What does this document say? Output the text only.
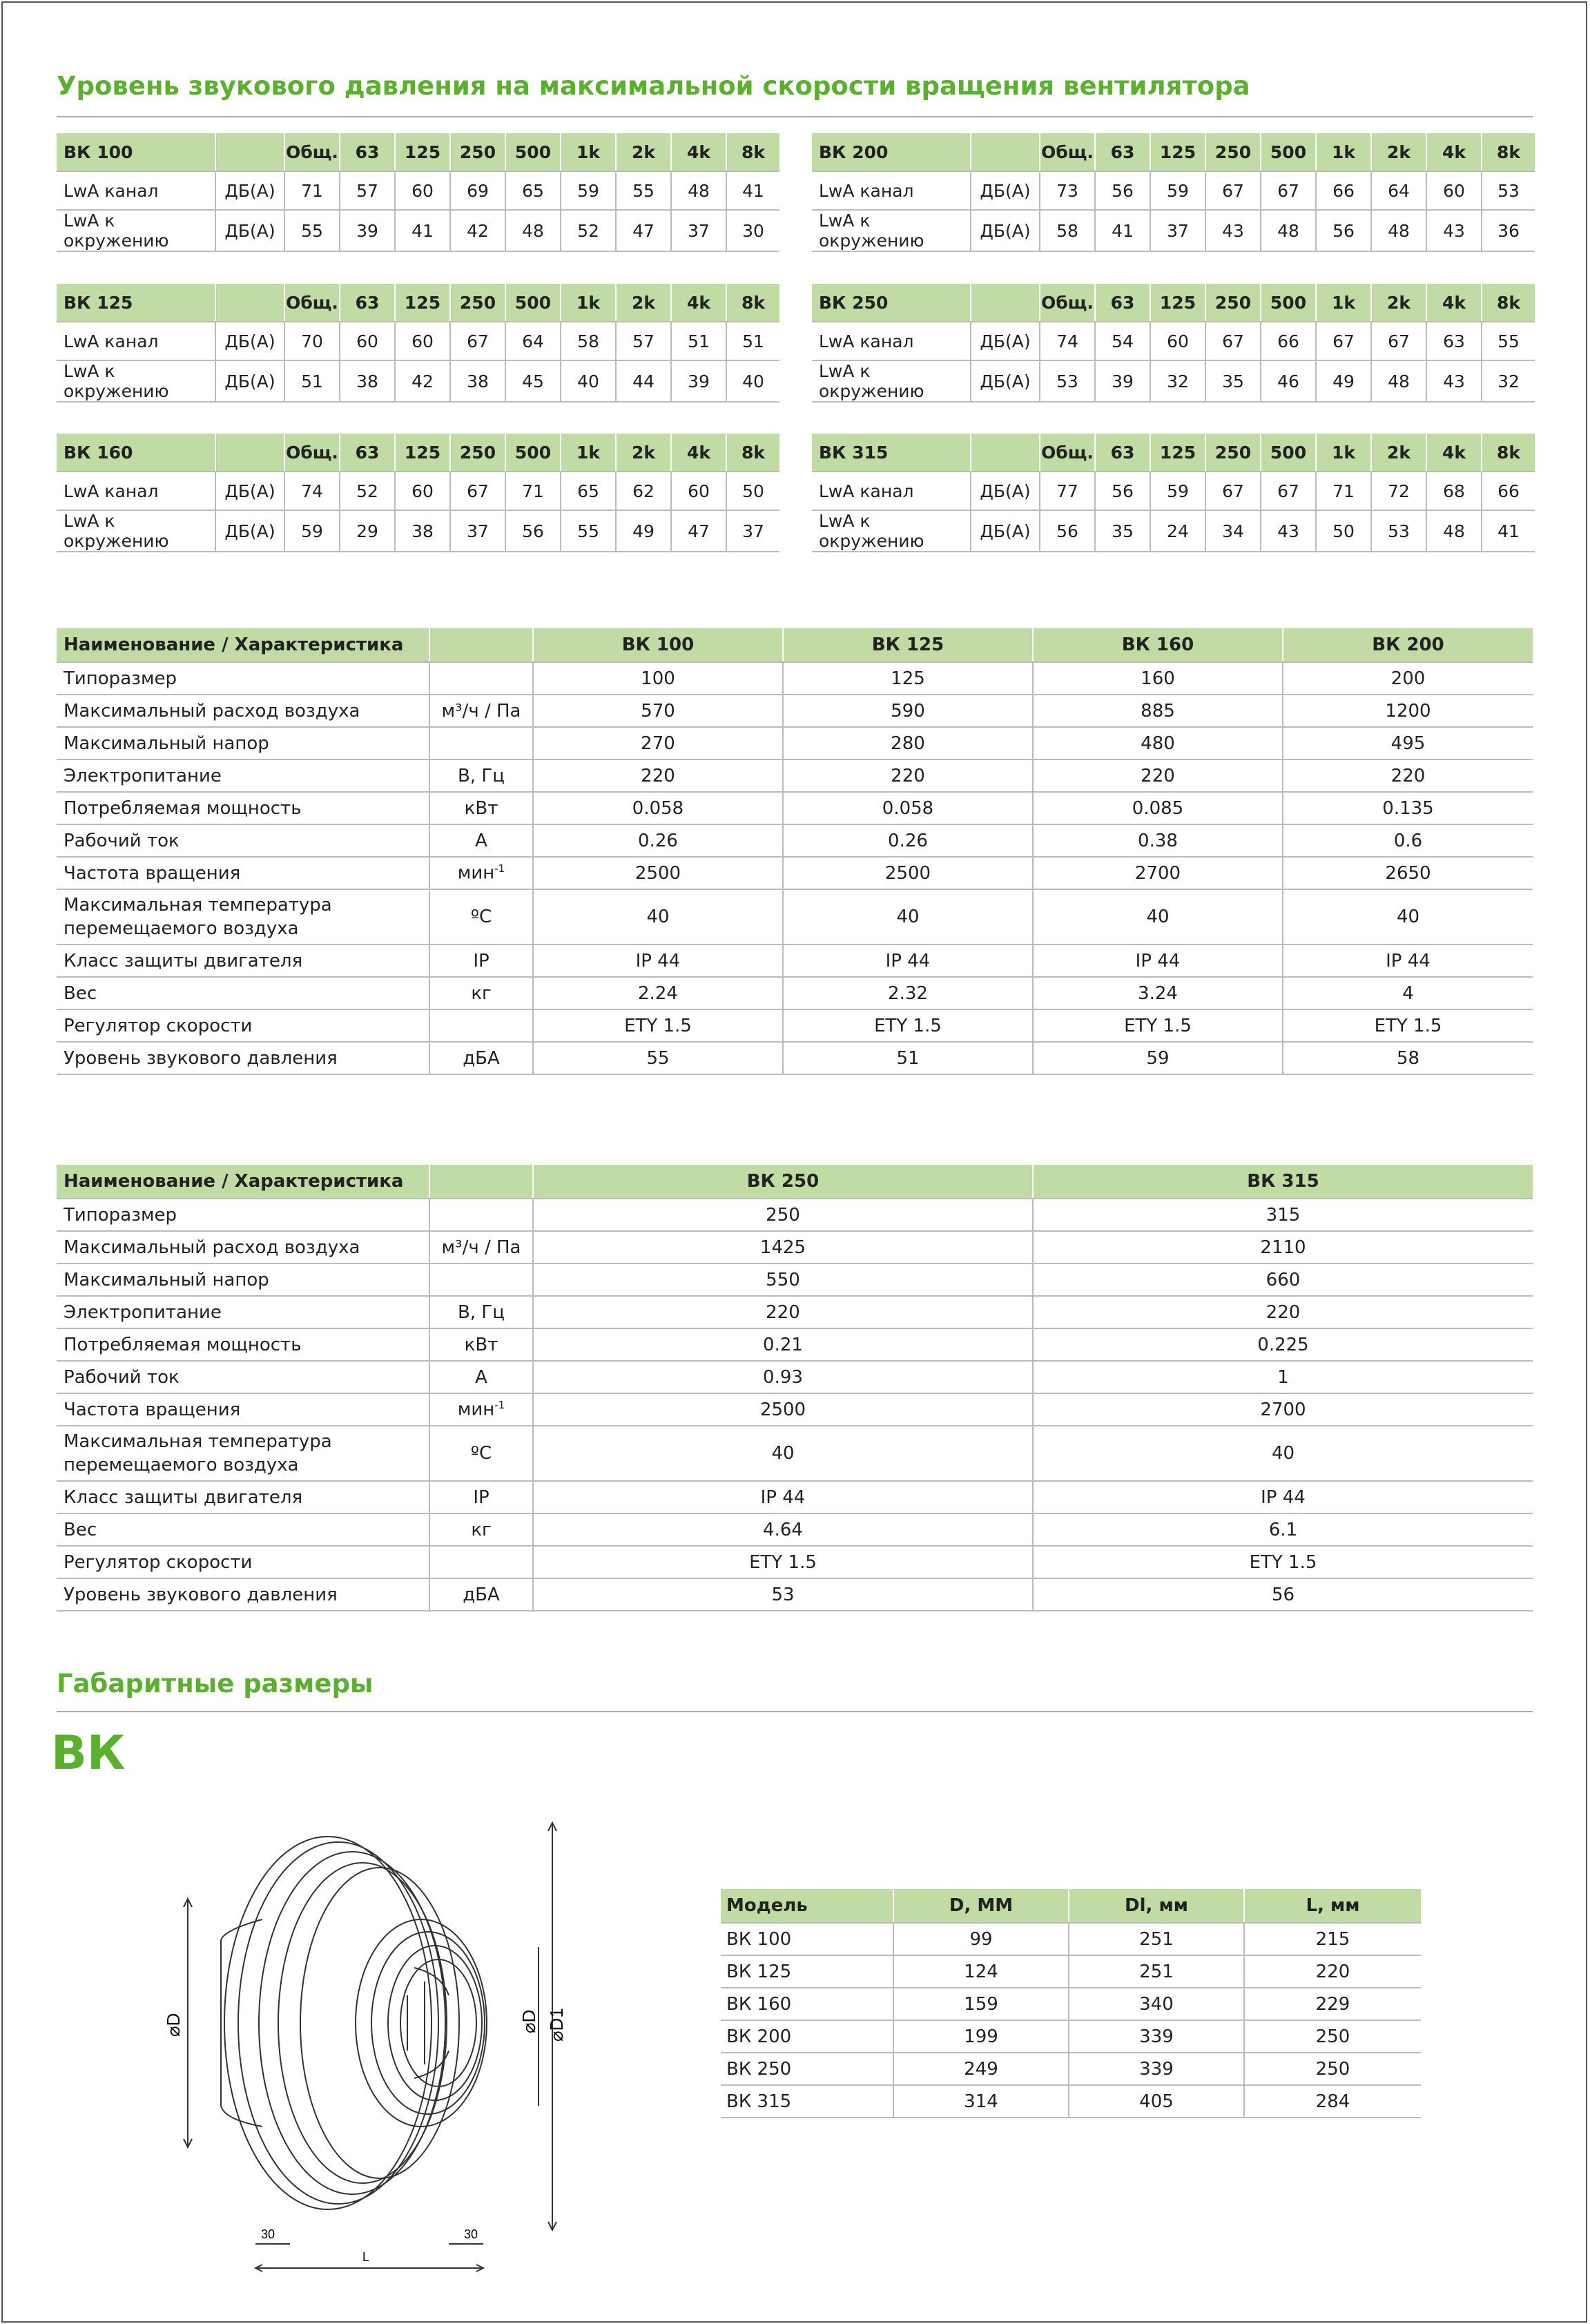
Уровень звукового давления на максимальной скорости вращения вентилятора
ВК 100		Общ.	63	125	250	500	1k	2k	4k	8k
LwA канал	ДБ(А)	71	57	60	69	65	59	55	48	41
LwA к окружению	ДБ(А)	55	39	41	42	48	52	47	37	30
ВК 200		Общ.	63	125	250	500	1k	2k	4k	8k
LwA канал	ДБ(А)	73	56	59	67	67	66	64	60	53
LwA к окружению	ДБ(А)	58	41	37	43	48	56	48	43	36
ВК 125		Общ.	63	125	250	500	1k	2k	4k	8k
LwA канал	ДБ(А)	70	60	60	67	64	58	57	51	51
LwA к окружению	ДБ(А)	51	38	42	38	45	40	44	39	40
ВК 250		Общ.	63	125	250	500	1k	2k	4k	8k
LwA канал	ДБ(А)	74	54	60	67	66	67	67	63	55
LwA к окружению	ДБ(А)	53	39	32	35	46	49	48	43	32
ВК 160		Общ.	63	125	250	500	1k	2k	4k	8k
LwA канал	ДБ(А)	74	52	60	67	71	65	62	60	50
LwA к окружению	ДБ(А)	59	29	38	37	56	55	49	47	37
ВК 315		Общ.	63	125	250	500	1k	2k	4k	8k
LwA канал	ДБ(А)	77	56	59	67	67	71	72	68	66
LwA к окружению	ДБ(А)	56	35	24	34	43	50	53	48	41
Наименование / Характеристика		ВК 100	ВК 125	ВК 160	ВК 200
Типоразмер		100	125	160	200
Максимальный расход воздуха	м³/ч / Па	570	590	885	1200
Максимальный напор		270	280	480	495
Электропитание	В, Гц	220	220	220	220
Потребляемая мощность	кВт	0.058	0.058	0.085	0.135
Рабочий ток	А	0.26	0.26	0.38	0.6
Частота вращения	мин$^{-1}$	2500	2500	2700	2650
Максимальная температура
перемещаемого воздуха	ºС	40	40	40	40
Класс защиты двигателя	IP	IP 44	IP 44	IP 44	IP 44
Вес	кг	2.24	2.32	3.24	4
Регулятор скорости		ETY 1.5	ETY 1.5	ETY 1.5	ETY 1.5
Уровень звукового давления	дБА	55	51	59	58
Наименование / Характеристика		ВК 250	ВК 315
Типоразмер		250	315
Максимальный расход воздуха	м³/ч / Па	1425	2110
Максимальный напор		550	660
Электропитание	В, Гц	220	220
Потребляемая мощность	кВт	0.21	0.225
Рабочий ток	А	0.93	1
Частота вращения	мин$^{-1}$	2500	2700
Максимальная температура
перемещаемого воздуха	ºС	40	40
Класс защиты двигателя	IP	IP 44	IP 44
Вес	кг	4.64	6.1
Регулятор скорости		ETY 1.5	ETY 1.5
Уровень звукового давления	дБА	53	56
Габаритные размеры
ВК
⌀D	⌀D ⌀D1
L
30	30
Модель	D, ММ	Dl, мм	L, мм
ВК 100	99	251	215
ВК 125	124	251	220
ВК 160	159	340	229
ВК 200	199	339	250
ВК 250	249	339	250
ВК 315	314	405	284
